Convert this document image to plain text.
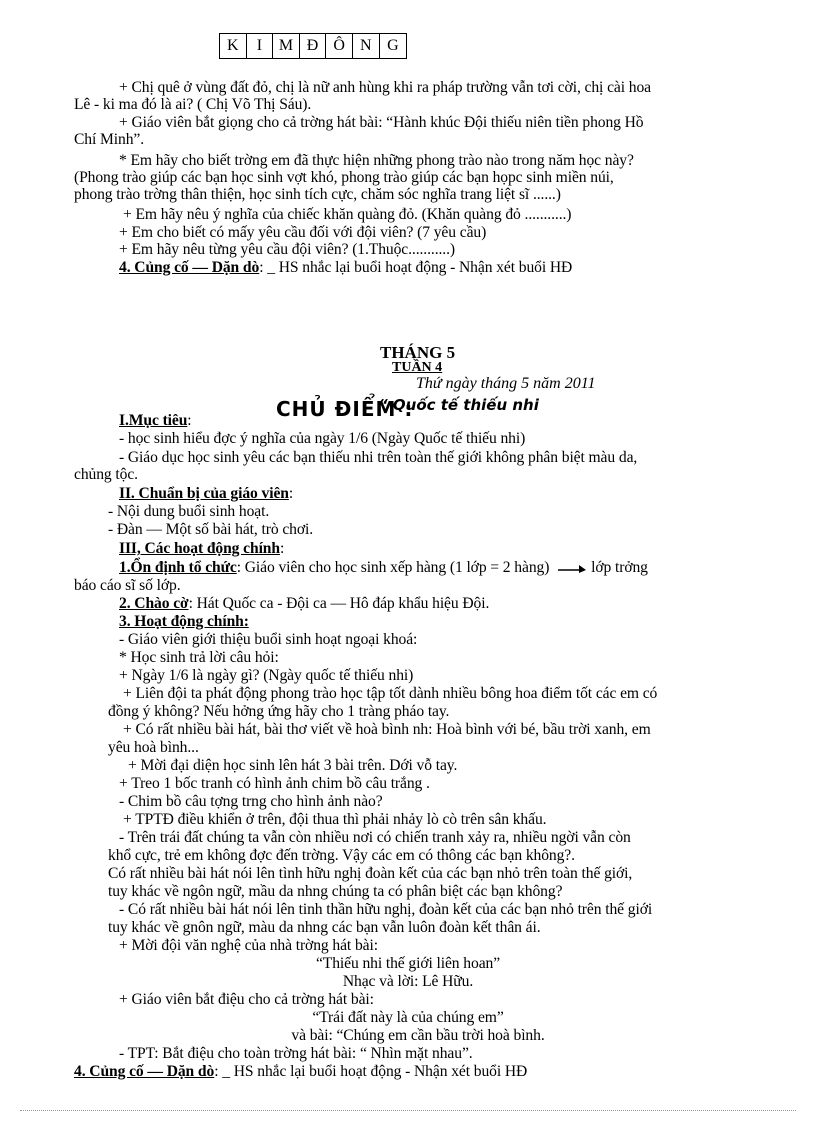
K	I	M Đ Ô N G
+ Chị quê ở vùng đất đỏ, chị là nữ anh hùng khi ra pháp trường vẫn tơi cời, chị cài hoa
Lê - ki ma đó là ai? ( Chị Võ Thị Sáu).
+ Giáo viên bắt giọng cho cả trờng hát bài: “Hành khúc Đội thiếu niên tiền phong Hồ
Chí Minh”.
* Em hãy cho biết trờng em đã thực hiện những phong trào nào trong năm học này?
(Phong trào giúp các bạn học sinh vợt khó, phong trào giúp các bạn họpc sinh miền núi,
phong trào trờng thân thiện, học sinh tích cực, chăm sóc nghĩa trang liệt sĩ ......)
+ Em hãy nêu ý nghĩa của chiếc khăn quàng đỏ. (Khăn quàng đỏ ...........)
+ Em cho biết có mấy yêu cầu đối với đội viên? (7 yêu cầu)
+ Em hãy nêu từng yêu cầu đội viên? (1.Thuộc...........)
4. Củng cố — Dặn dò: _ HS nhắc lại buổi hoạt động - Nhận xét buổi HĐ
THÁNG 5
TUẦN 4
Thứ ngày tháng 5 năm 2011
CHỦ ĐIỂM :
“ Quốc tế thiếu nhi
I.Mục tiêu:
- học sinh hiểu đợc ý nghĩa của ngày 1/6 (Ngày Quốc tế thiếu nhi)
- Giáo dục học sinh yêu các bạn thiếu nhi trên toàn thế giới không phân biệt màu da,
chủng tộc.
II. Chuẩn bị của giáo viên:
- Nội dung buổi sinh hoạt.
- Đàn — Một số bài hát, trò chơi.
III, Các hoạt động chính:
1.Ổn định tổ chức: Giáo viên cho học sinh xếp hàng (1 lớp = 2 hàng)	lớp trởng
báo cáo sĩ số lớp.
2. Chào cờ: Hát Quốc ca - Đội ca — Hô đáp khẩu hiệu Đội.
3. Hoạt động chính:
- Giáo viên giới thiệu buổi sinh hoạt ngoại khoá:
* Học sinh trả lời câu hỏi:
+ Ngày 1/6 là ngày gì? (Ngày quốc tế thiếu nhi)
+ Liên đội ta phát động phong trào học tập tốt dành nhiều bông hoa điểm tốt các em có
đồng ý không? Nếu hởng ứng hãy cho 1 tràng pháo tay.
+ Có rất nhiều bài hát, bài thơ viết về hoà bình nh: Hoà bình với bé, bầu trời xanh, em
yêu hoà bình...
+ Mời đại diện học sinh lên hát 3 bài trên. Dới vỗ tay.
+ Treo 1 bốc tranh có hình ảnh chim bồ câu trắng .
- Chim bồ câu tợng trng cho hình ảnh nào?
+ TPTĐ điều khiển ở trên, đội thua thì phải nhảy lò cò trên sân khấu.
- Trên trái đất chúng ta vẫn còn nhiều nơi có chiến tranh xảy ra, nhiều ngời vẫn còn
khổ cực, trẻ em không đợc đến trờng. Vậy các em có thông các bạn không?.
Có rất nhiều bài hát nói lên tình hữu nghị đoàn kết của các bạn nhỏ trên toàn thế giới,
tuy khác về ngôn ngữ, mầu da nhng chúng ta có phân biệt các bạn không?
- Có rất nhiều bài hát nói lên tinh thần hữu nghị, đoàn kết của các bạn nhỏ trên thế giới
tuy khác về gnôn ngữ, màu da nhng các bạn vẫn luôn đoàn kết thân ái.
+ Mời đội văn nghệ của nhà trờng hát bài:
“Thiếu nhi thế giới liên hoan”
Nhạc và lời: Lê Hữu.
+ Giáo viên bắt điệu cho cả trờng hát bài:
“Trái đất này là của chúng em”
và bài: “Chúng em cần bầu trời hoà bình.
- TPT: Bắt điệu cho toàn trờng hát bài: “ Nhìn mặt nhau”.
4. Củng cố — Dặn dò: _ HS nhắc lại buổi hoạt động - Nhận xét buổi HĐ
